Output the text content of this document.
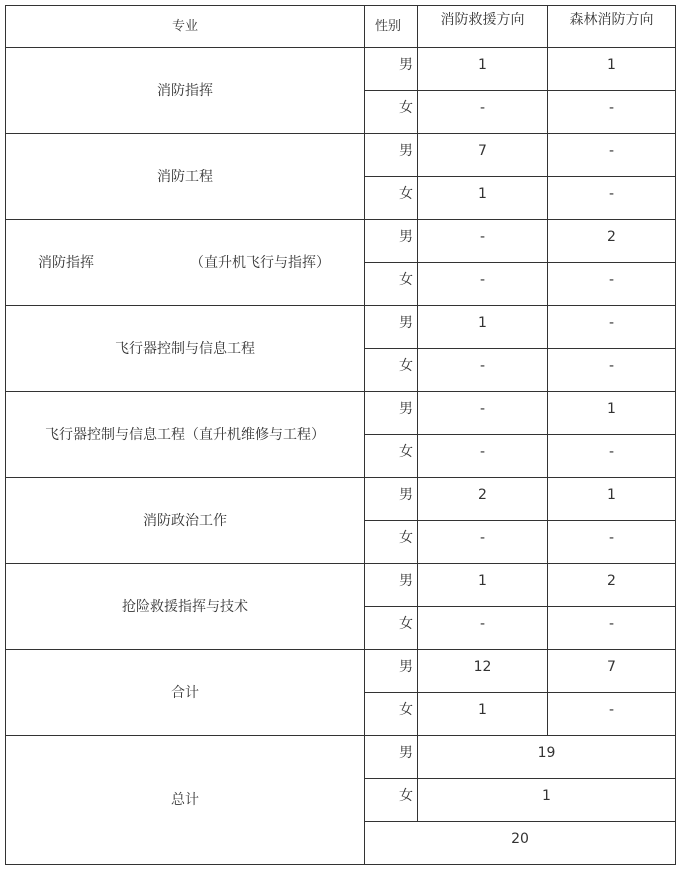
专业	性别	消防救援方向	森林消防方向
消防指挥	男	1	1
	女	-	-
消防工程	男	7	-
	女	1	-
消防指挥 （直升机飞行与指挥）	男	-	2
	女	-	-
飞行器控制与信息工程	男	1	-
	女	-	-
飞行器控制与信息工程（直升机维修与工程）	男	-	1
	女	-	-
消防政治工作	男	2	1
	女	-	-
抢险救援指挥与技术	男	1	2
	女	-	-
合计	男	12	7
	女	1	-
总计	男	19	
	女	1	
	20		
